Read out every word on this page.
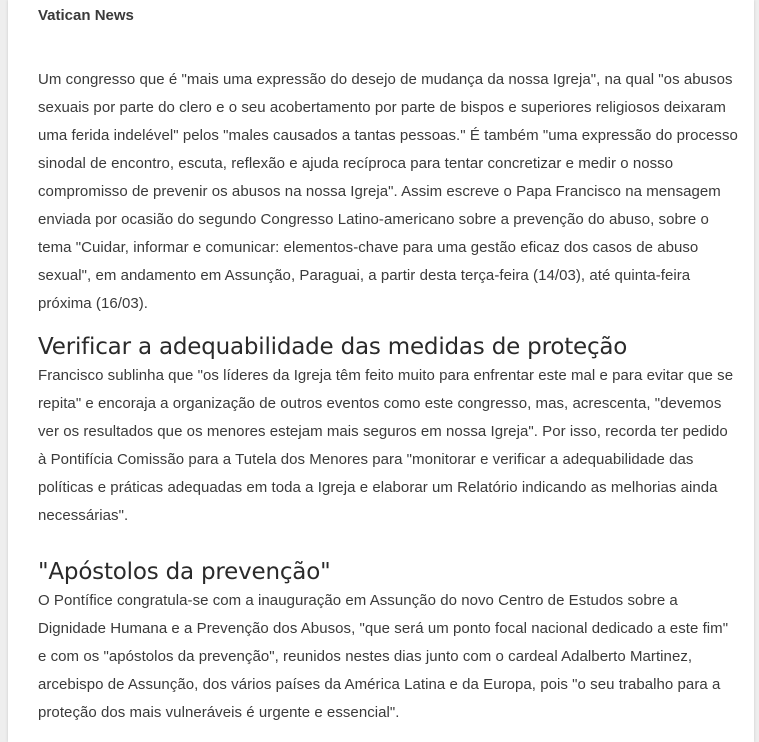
Vatican News

Um congresso que é "mais uma expressão do desejo de mudança da nossa Igreja", na qual "os abusos sexuais por parte do clero e o seu acobertamento por parte de bispos e superiores religiosos deixaram uma ferida indelével" pelos "males causados a tantas pessoas." É também "uma expressão do processo sinodal de encontro, escuta, reflexão e ajuda recíproca para tentar concretizar e medir o nosso compromisso de prevenir os abusos na nossa Igreja". Assim escreve o Papa Francisco na mensagem enviada por ocasião do segundo Congresso Latino-americano sobre a prevenção do abuso, sobre o tema "Cuidar, informar e comunicar: elementos-chave para uma gestão eficaz dos casos de abuso sexual", em andamento em Assunção, Paraguai, a partir desta terça-feira (14/03), até quinta-feira próxima (16/03).

Verificar a adequabilidade das medidas de proteção

Francisco sublinha que "os líderes da Igreja têm feito muito para enfrentar este mal e para evitar que se repita" e encoraja a organização de outros eventos como este congresso, mas, acrescenta, "devemos ver os resultados que os menores estejam mais seguros em nossa Igreja". Por isso, recorda ter pedido à Pontifícia Comissão para a Tutela dos Menores para "monitorar e verificar a adequabilidade das políticas e práticas adequadas em toda a Igreja e elaborar um Relatório indicando as melhorias ainda necessárias".

"Apóstolos da prevenção"

O Pontífice congratula-se com a inauguração em Assunção do novo Centro de Estudos sobre a Dignidade Humana e a Prevenção dos Abusos, "que será um ponto focal nacional dedicado a este fim" e com os "apóstolos da prevenção", reunidos nestes dias junto com o cardeal Adalberto Martinez, arcebispo de Assunção, dos vários países da América Latina e da Europa, pois "o seu trabalho para a proteção dos mais vulneráveis é urgente e essencial".
